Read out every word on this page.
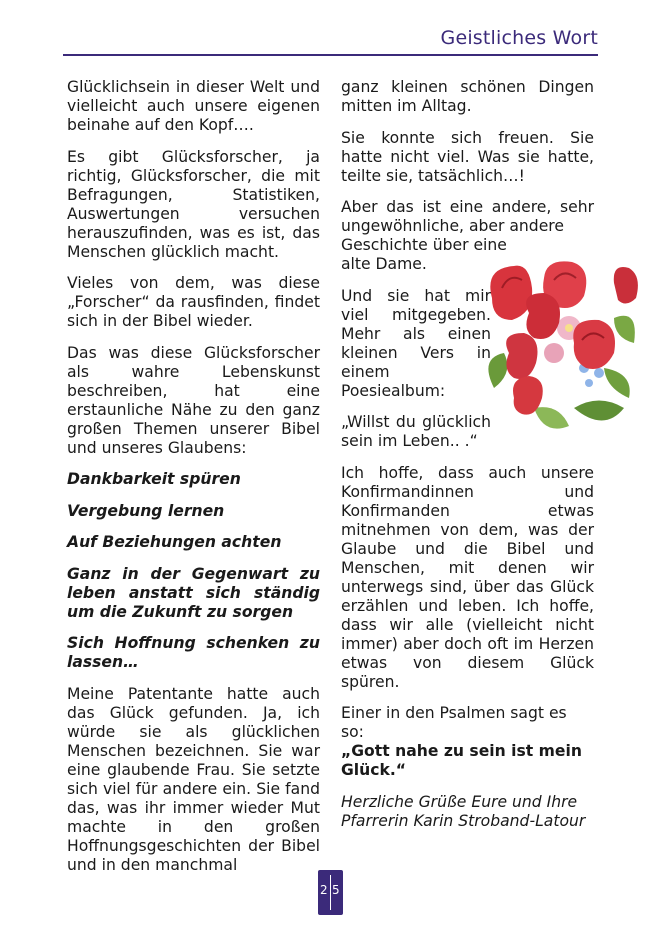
Geistliches Wort

Glücklichsein in dieser Welt und vielleicht auch unsere eigenen beinahe auf den Kopf….

Es gibt Glücksforscher, ja richtig, Glücksforscher, die mit Befragungen, Statistiken, Auswertungen versuchen herauszufinden, was es ist, das Menschen glücklich macht.

Vieles von dem, was diese „Forscher“ da rausfinden, findet sich in der Bibel wieder.

Das was diese Glücksforscher als wahre Lebenskunst beschreiben, hat eine erstaunliche Nähe zu den ganz großen Themen unserer Bibel und unseres Glaubens:

Dankbarkeit spüren

Vergebung lernen

Auf Beziehungen achten

Ganz in der Gegenwart zu leben anstatt sich ständig um die Zukunft zu sorgen

Sich Hoffnung schenken zu lassen…

Meine Patentante hatte auch das Glück gefunden. Ja, ich würde sie als glücklichen Menschen bezeichnen. Sie war eine glaubende Frau. Sie setzte sich viel für andere ein. Sie fand das, was ihr immer wieder Mut machte in den großen Hoffnungsgeschichten der Bibel und in den manchmal

ganz kleinen schönen Dingen mitten im Alltag.

Sie konnte sich freuen. Sie hatte nicht viel. Was sie hatte, teilte sie, tatsächlich…!

Aber das ist eine andere, sehr ungewöhnliche, aber andere
Geschichte über eine
alte Dame.

Und sie hat mir viel mitgegeben. Mehr als einen kleinen Vers in einem Poesiealbum:

„Willst du glücklich sein im Leben.. .“

Ich hoffe, dass auch unsere Konfirmandinnen und Konfirmanden etwas mitnehmen von dem, was der Glaube und die Bibel und Menschen, mit denen wir unterwegs sind, über das Glück erzählen und leben. Ich hoffe, dass wir alle (vielleicht nicht immer) aber doch oft im Herzen etwas von diesem Glück spüren.

Einer in den Psalmen sagt es so:
„Gott nahe zu sein ist mein Glück.“

Herzliche Grüße Eure und Ihre
Pfarrerin Karin Stroband-Latour

2 5
